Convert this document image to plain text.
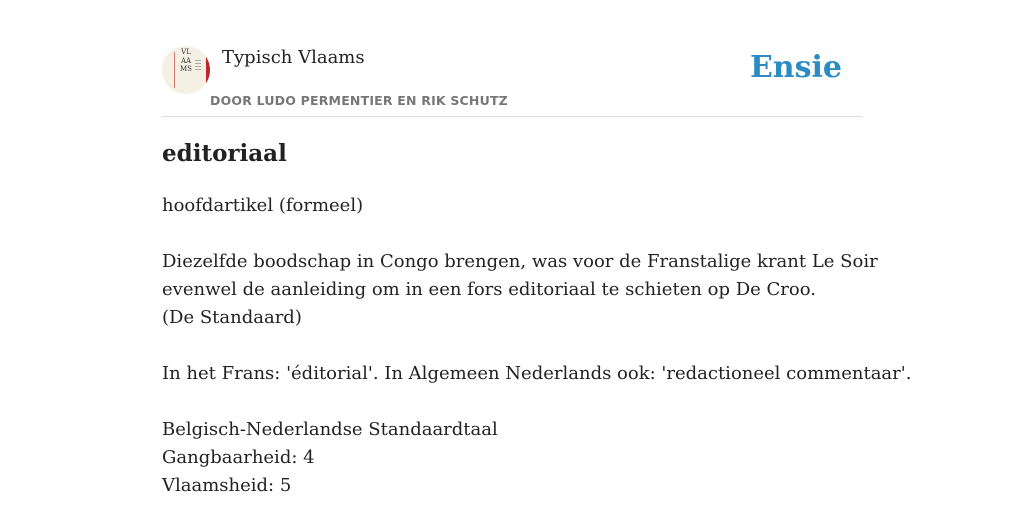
VLAAMS
Typisch Vlaams
DOOR LUDO PERMENTIER EN RIK SCHUTZ
Ensie
editoriaal

hoofdartikel (formeel)

Diezelfde boodschap in Congo brengen, was voor de Franstalige krant Le Soir
evenwel de aanleiding om in een fors editoriaal te schieten op De Croo.
(De Standaard)

In het Frans: 'éditorial'. In Algemeen Nederlands ook: 'redactioneel commentaar'.

Belgisch-Nederlandse Standaardtaal
Gangbaarheid: 4
Vlaamsheid: 5
